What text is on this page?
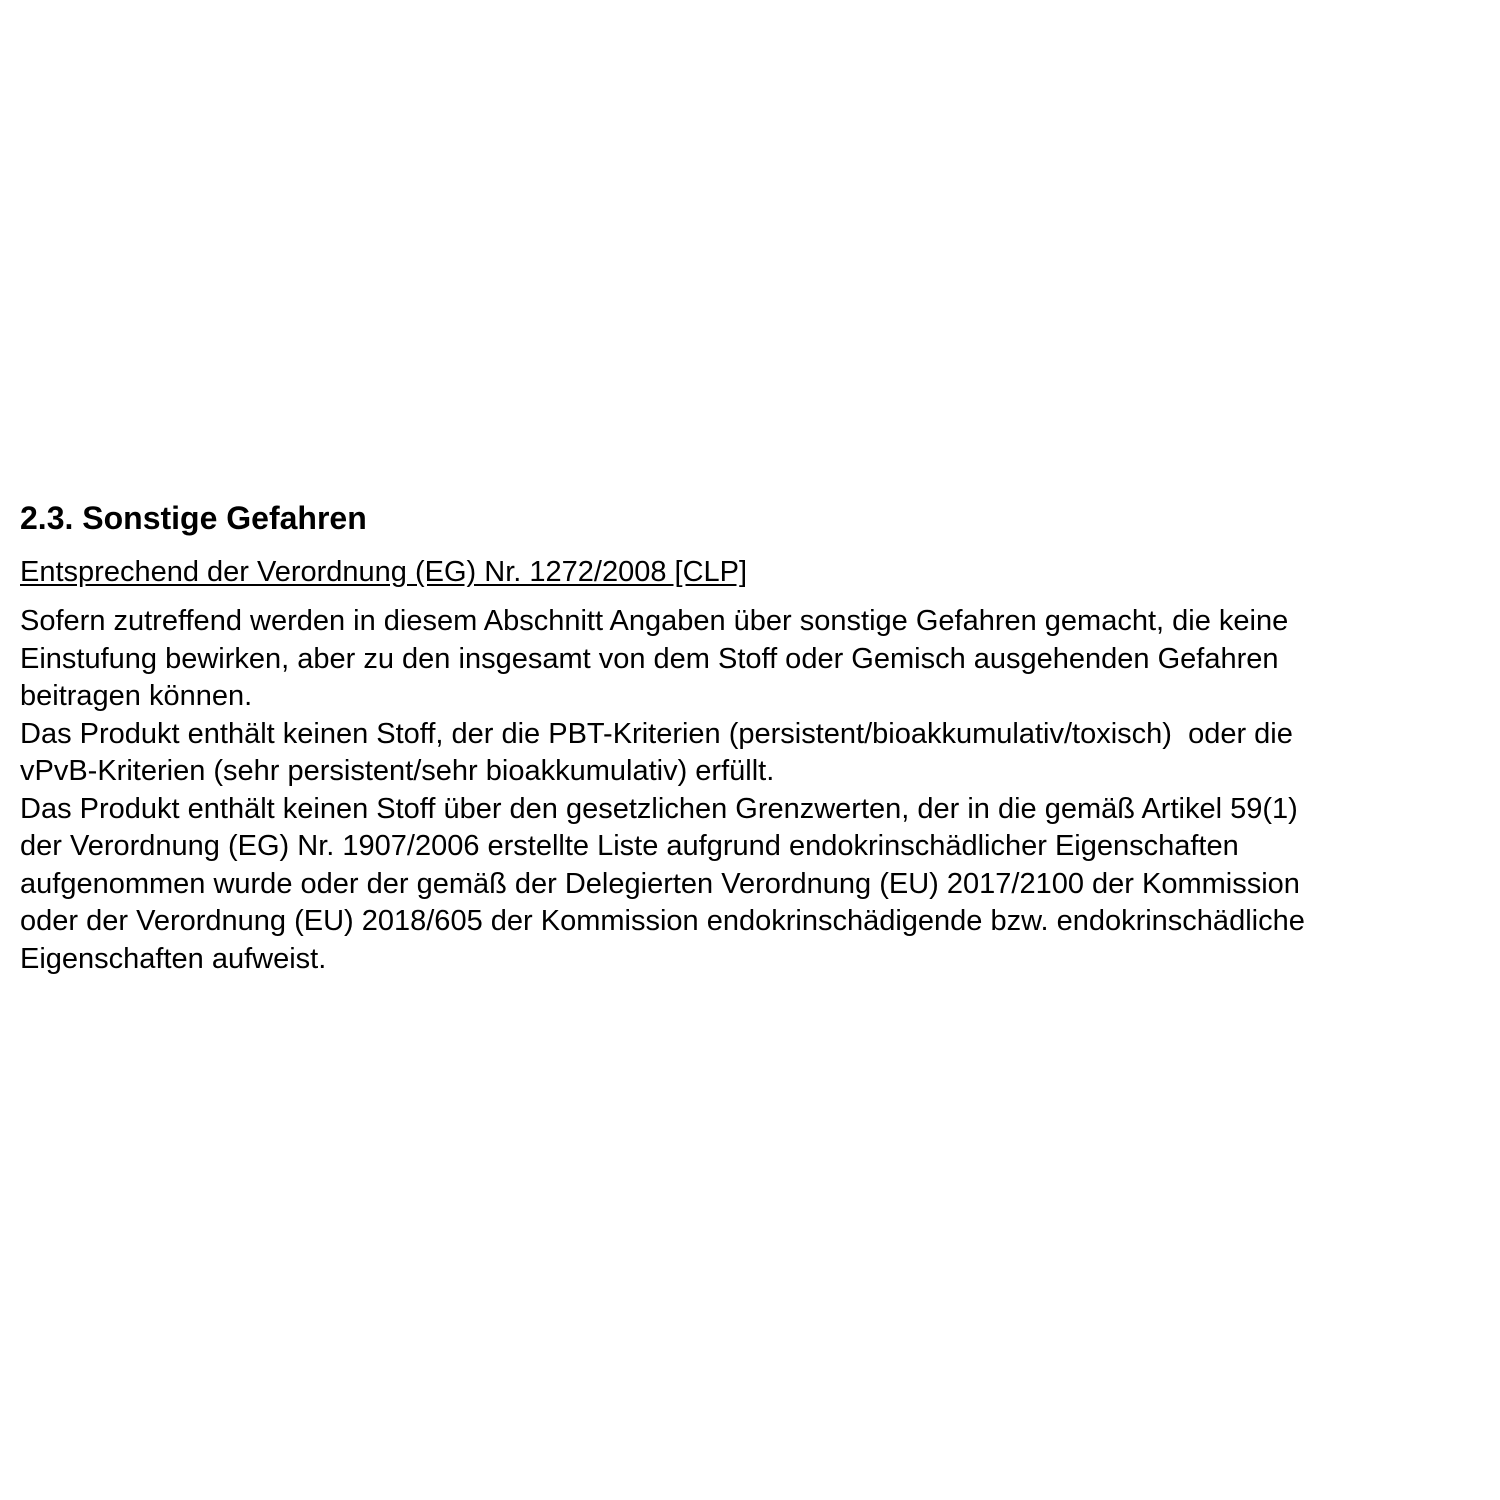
2.3. Sonstige Gefahren
Entsprechend der Verordnung (EG) Nr. 1272/2008 [CLP]

Sofern zutreffend werden in diesem Abschnitt Angaben über sonstige Gefahren gemacht, die keine
Einstufung bewirken, aber zu den insgesamt von dem Stoff oder Gemisch ausgehenden Gefahren
beitragen können.

Das Produkt enthält keinen Stoff, der die PBT-Kriterien (persistent/bioakkumulativ/toxisch)  oder die
vPvB-Kriterien (sehr persistent/sehr bioakkumulativ) erfüllt.

Das Produkt enthält keinen Stoff über den gesetzlichen Grenzwerten, der in die gemäß Artikel 59(1)
der Verordnung (EG) Nr. 1907/2006 erstellte Liste aufgrund endokrinschädlicher Eigenschaften
aufgenommen wurde oder der gemäß der Delegierten Verordnung (EU) 2017/2100 der Kommission
oder der Verordnung (EU) 2018/605 der Kommission endokrinschädigende bzw. endokrinschädliche
Eigenschaften aufweist.
